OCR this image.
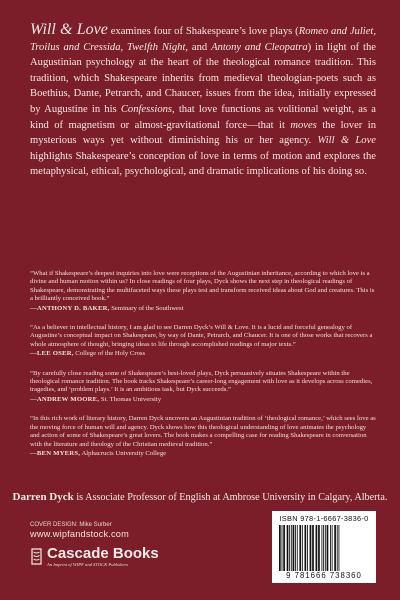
Will & Love examines four of Shakespeare’s love plays (Romeo and Juliet, Troilus and Cressida, Twelfth Night, and Antony and Cleopatra) in light of the Augustinian psychology at the heart of the theological romance tradition. This tradition, which Shakespeare inherits from medieval theologian-poets such as Boethius, Dante, Petrarch, and Chaucer, issues from the idea, initially expressed by Augustine in his Confessions, that love functions as volitional weight, as a kind of magnetism or almost-gravitational force—that it moves the lover in mysterious ways yet without diminishing his or her agency. Will & Love highlights Shakespeare’s conception of love in terms of motion and explores the metaphysical, ethical, psychological, and dramatic implications of his doing so.

“What if Shakespeare’s deepest inquiries into love were receptions of the Augustinian inheritance, according to which love is a divine and human motion within us? In close readings of four plays, Dyck shows the next step in theological readings of Shakespeare, demonstrating the multifaceted ways these plays test and transform received ideas about God and creatures. This is a brilliantly conceived book.”

—ANTHONY D. BAKER, Seminary of the Southwest

“As a believer in intellectual history, I am glad to see Darren Dyck’s Will & Love. It is a lucid and forceful genealogy of Augustine’s conceptual impact on Shakespeare, by way of Dante, Petrarch, and Chaucer. It is one of those works that recovers a whole atmosphere of thought, bringing ideas to life through accomplished readings of major texts.”

—LEE OSER, College of the Holy Cross

“By carefully close reading some of Shakespeare’s best-loved plays, Dyck persuasively situates Shakespeare within the theological romance tradition. The book tracks Shakespeare’s career-long engagement with love as it develops across comedies, tragedies, and ‘problem plays.’ It is an ambitious task, but Dyck succeeds.”

—ANDREW MOORE, St. Thomas University

“In this rich work of literary history, Darren Dyck uncovers an Augustinian tradition of ‘theological romance,’ which sees love as the moving force of human will and agency. Dyck shows how this theological understanding of love animates the psychology and action of some of Shakespeare’s great lovers. The book makes a compelling case for reading Shakespeare in conversation with the literature and theology of the Christian medieval tradition.”

—BEN MYERS, Alphacrucis University College
Darren Dyck is Associate Professor of English at Ambrose University in Calgary, Alberta.
COVER DESIGN: Mike Surber
www.wipfandstock.com
Cascade Books
An Imprint of WIPF and STOCK Publishers
ISBN 978-1-6667-3836-0
9 781666 738360
